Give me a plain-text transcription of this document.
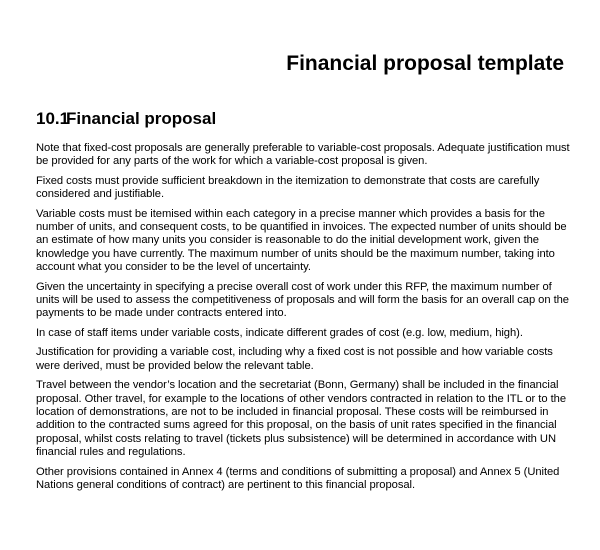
Financial proposal template
10.1Financial proposal

Note that fixed-cost proposals are generally preferable to variable-cost proposals. Adequate justification must be provided for any parts of the work for which a variable-cost proposal is given.

Fixed costs must provide sufficient breakdown in the itemization to demonstrate that costs are carefully considered and justifiable.

Variable costs must be itemised within each category in a precise manner which provides a basis for the number of units, and consequent costs, to be quantified in invoices. The expected number of units should be an estimate of how many units you consider is reasonable to do the initial development work, given the knowledge you have currently. The maximum number of units should be the maximum number, taking into account what you consider to be the level of uncertainty.

Given the uncertainty in specifying a precise overall cost of work under this RFP, the maximum number of units will be used to assess the competitiveness of proposals and will form the basis for an overall cap on the payments to be made under contracts entered into.

In case of staff items under variable costs, indicate different grades of cost (e.g. low, medium, high).

Justification for providing a variable cost, including why a fixed cost is not possible and how variable costs were derived, must be provided below the relevant table.

Travel between the vendor’s location and the secretariat (Bonn, Germany) shall be included in the financial proposal. Other travel, for example to the locations of other vendors contracted in relation to the ITL or to the location of demonstrations, are not to be included in financial proposal. These costs will be reimbursed in addition to the contracted sums agreed for this proposal, on the basis of unit rates specified in the financial proposal, whilst costs relating to travel (tickets plus subsistence) will be determined in accordance with UN financial rules and regulations.

Other provisions contained in Annex 4 (terms and conditions of submitting a proposal) and Annex 5 (United Nations general conditions of contract) are pertinent to this financial proposal.
